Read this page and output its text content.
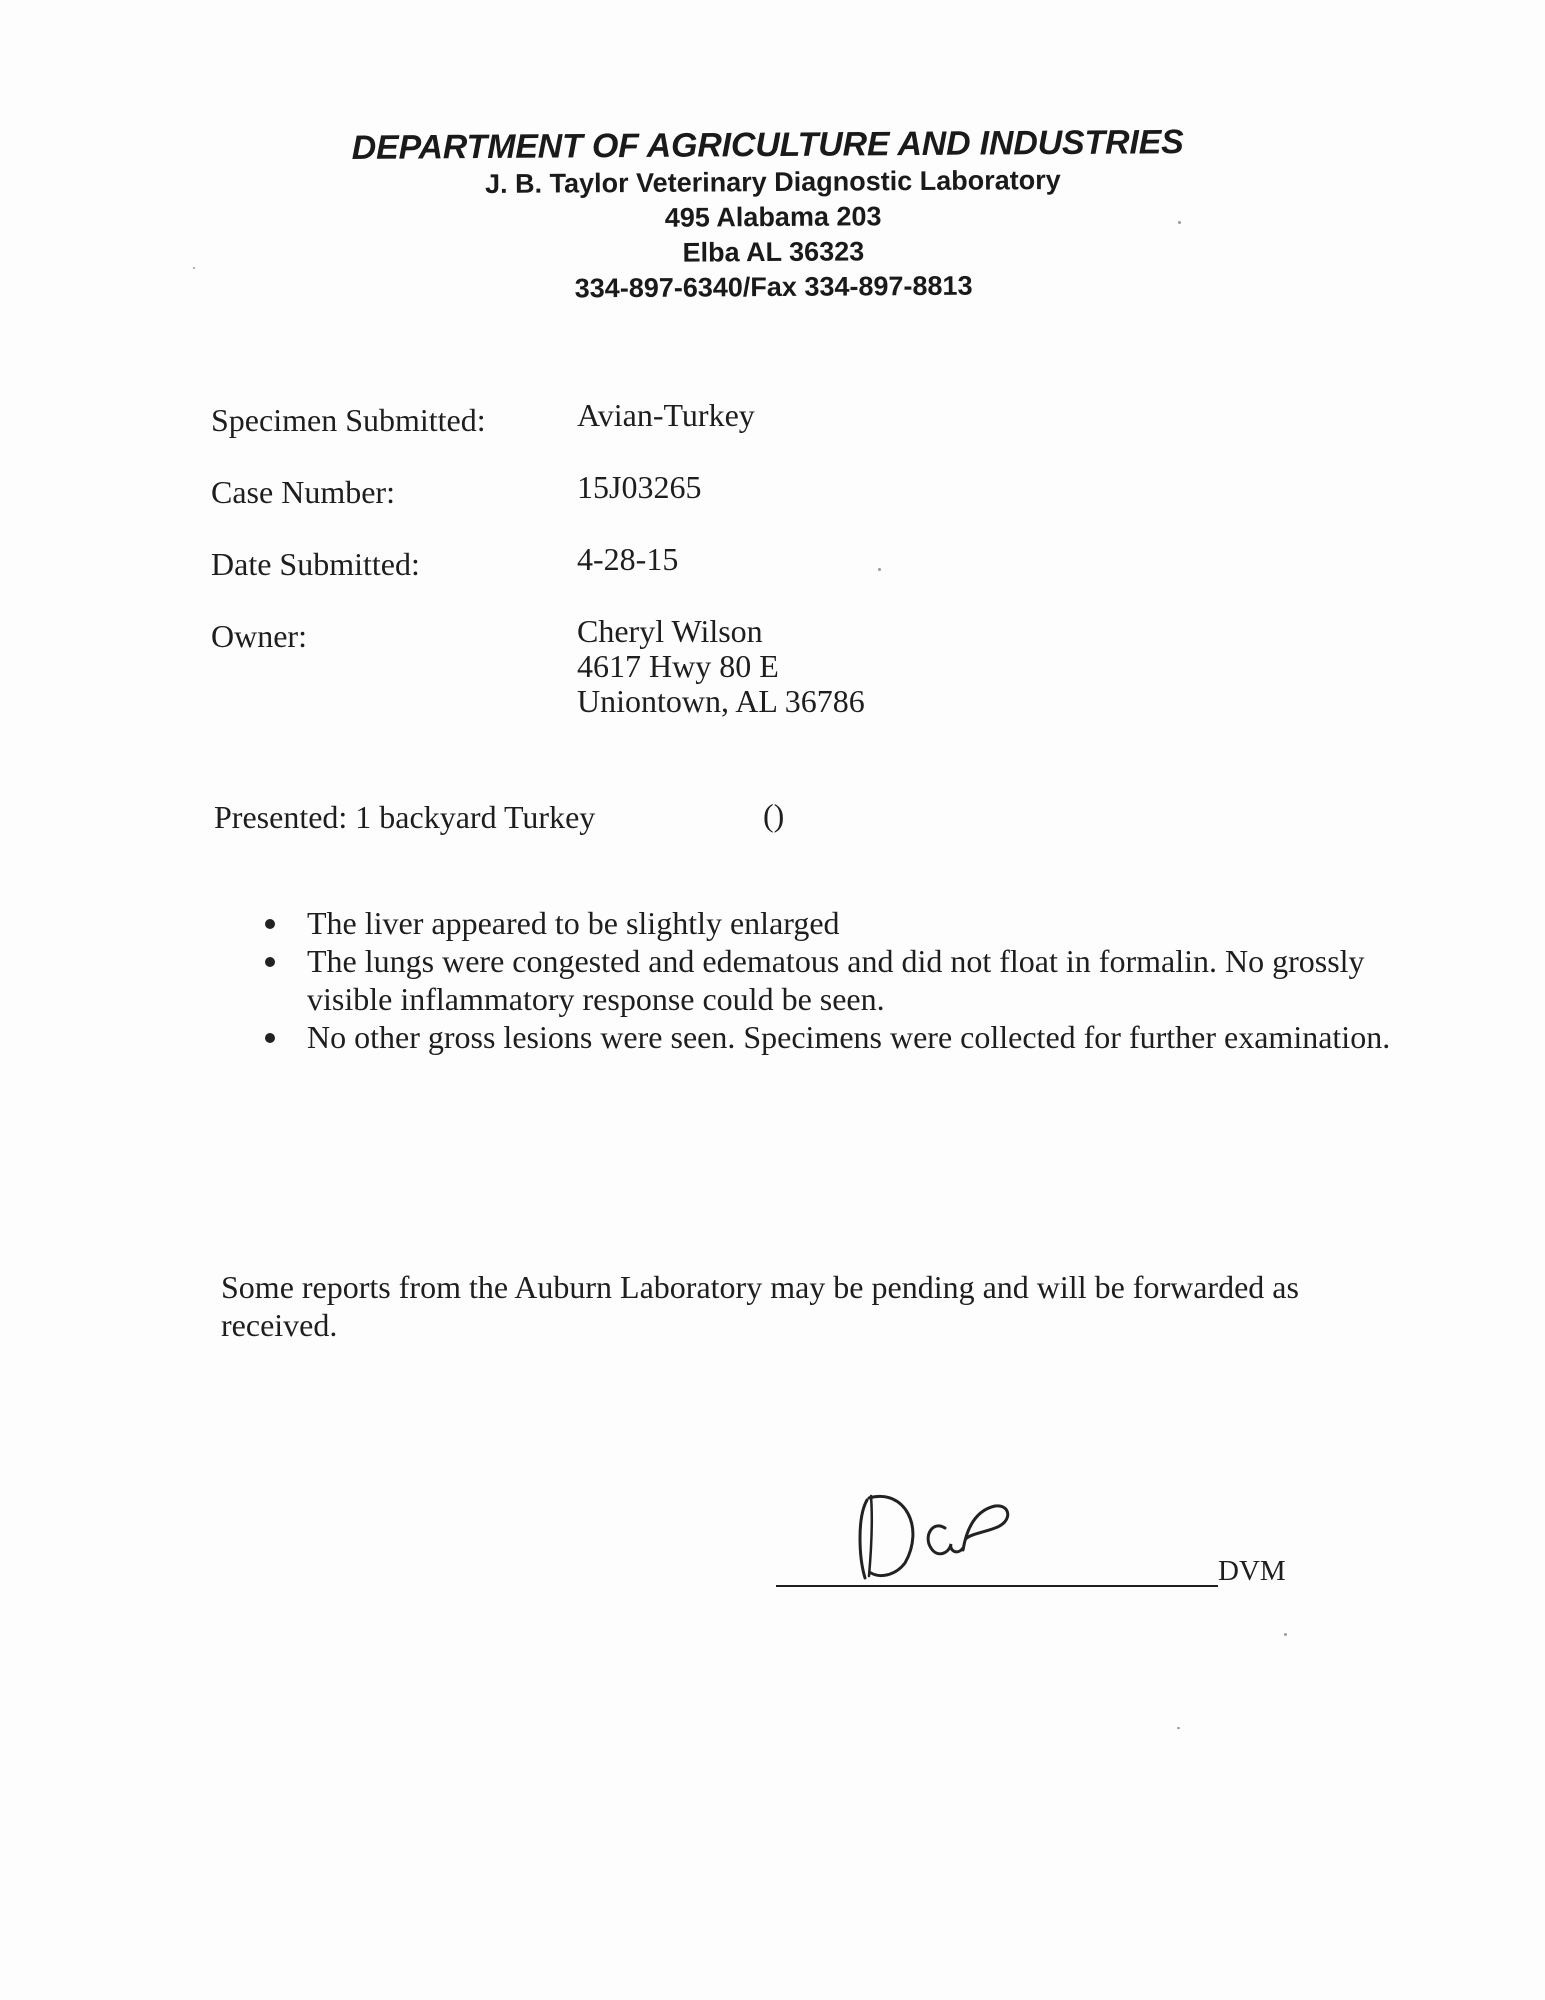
DEPARTMENT OF AGRICULTURE AND INDUSTRIES
J. B. Taylor Veterinary Diagnostic Laboratory
495 Alabama 203
Elba AL 36323
334-897-6340/Fax 334-897-8813
Specimen Submitted:	Avian-Turkey
Case Number:	15J03265
Date Submitted:	4-28-15
Owner:	Cheryl Wilson
4617 Hwy 80 E
Uniontown, AL 36786
Presented: 1 backyard Turkey	()
The liver appeared to be slightly enlarged
The lungs were congested and edematous and did not float in formalin. No grossly visible inflammatory response could be seen.
No other gross lesions were seen. Specimens were collected for further examination.
Some reports from the Auburn Laboratory may be pending and will be forwarded as received.
DVM
